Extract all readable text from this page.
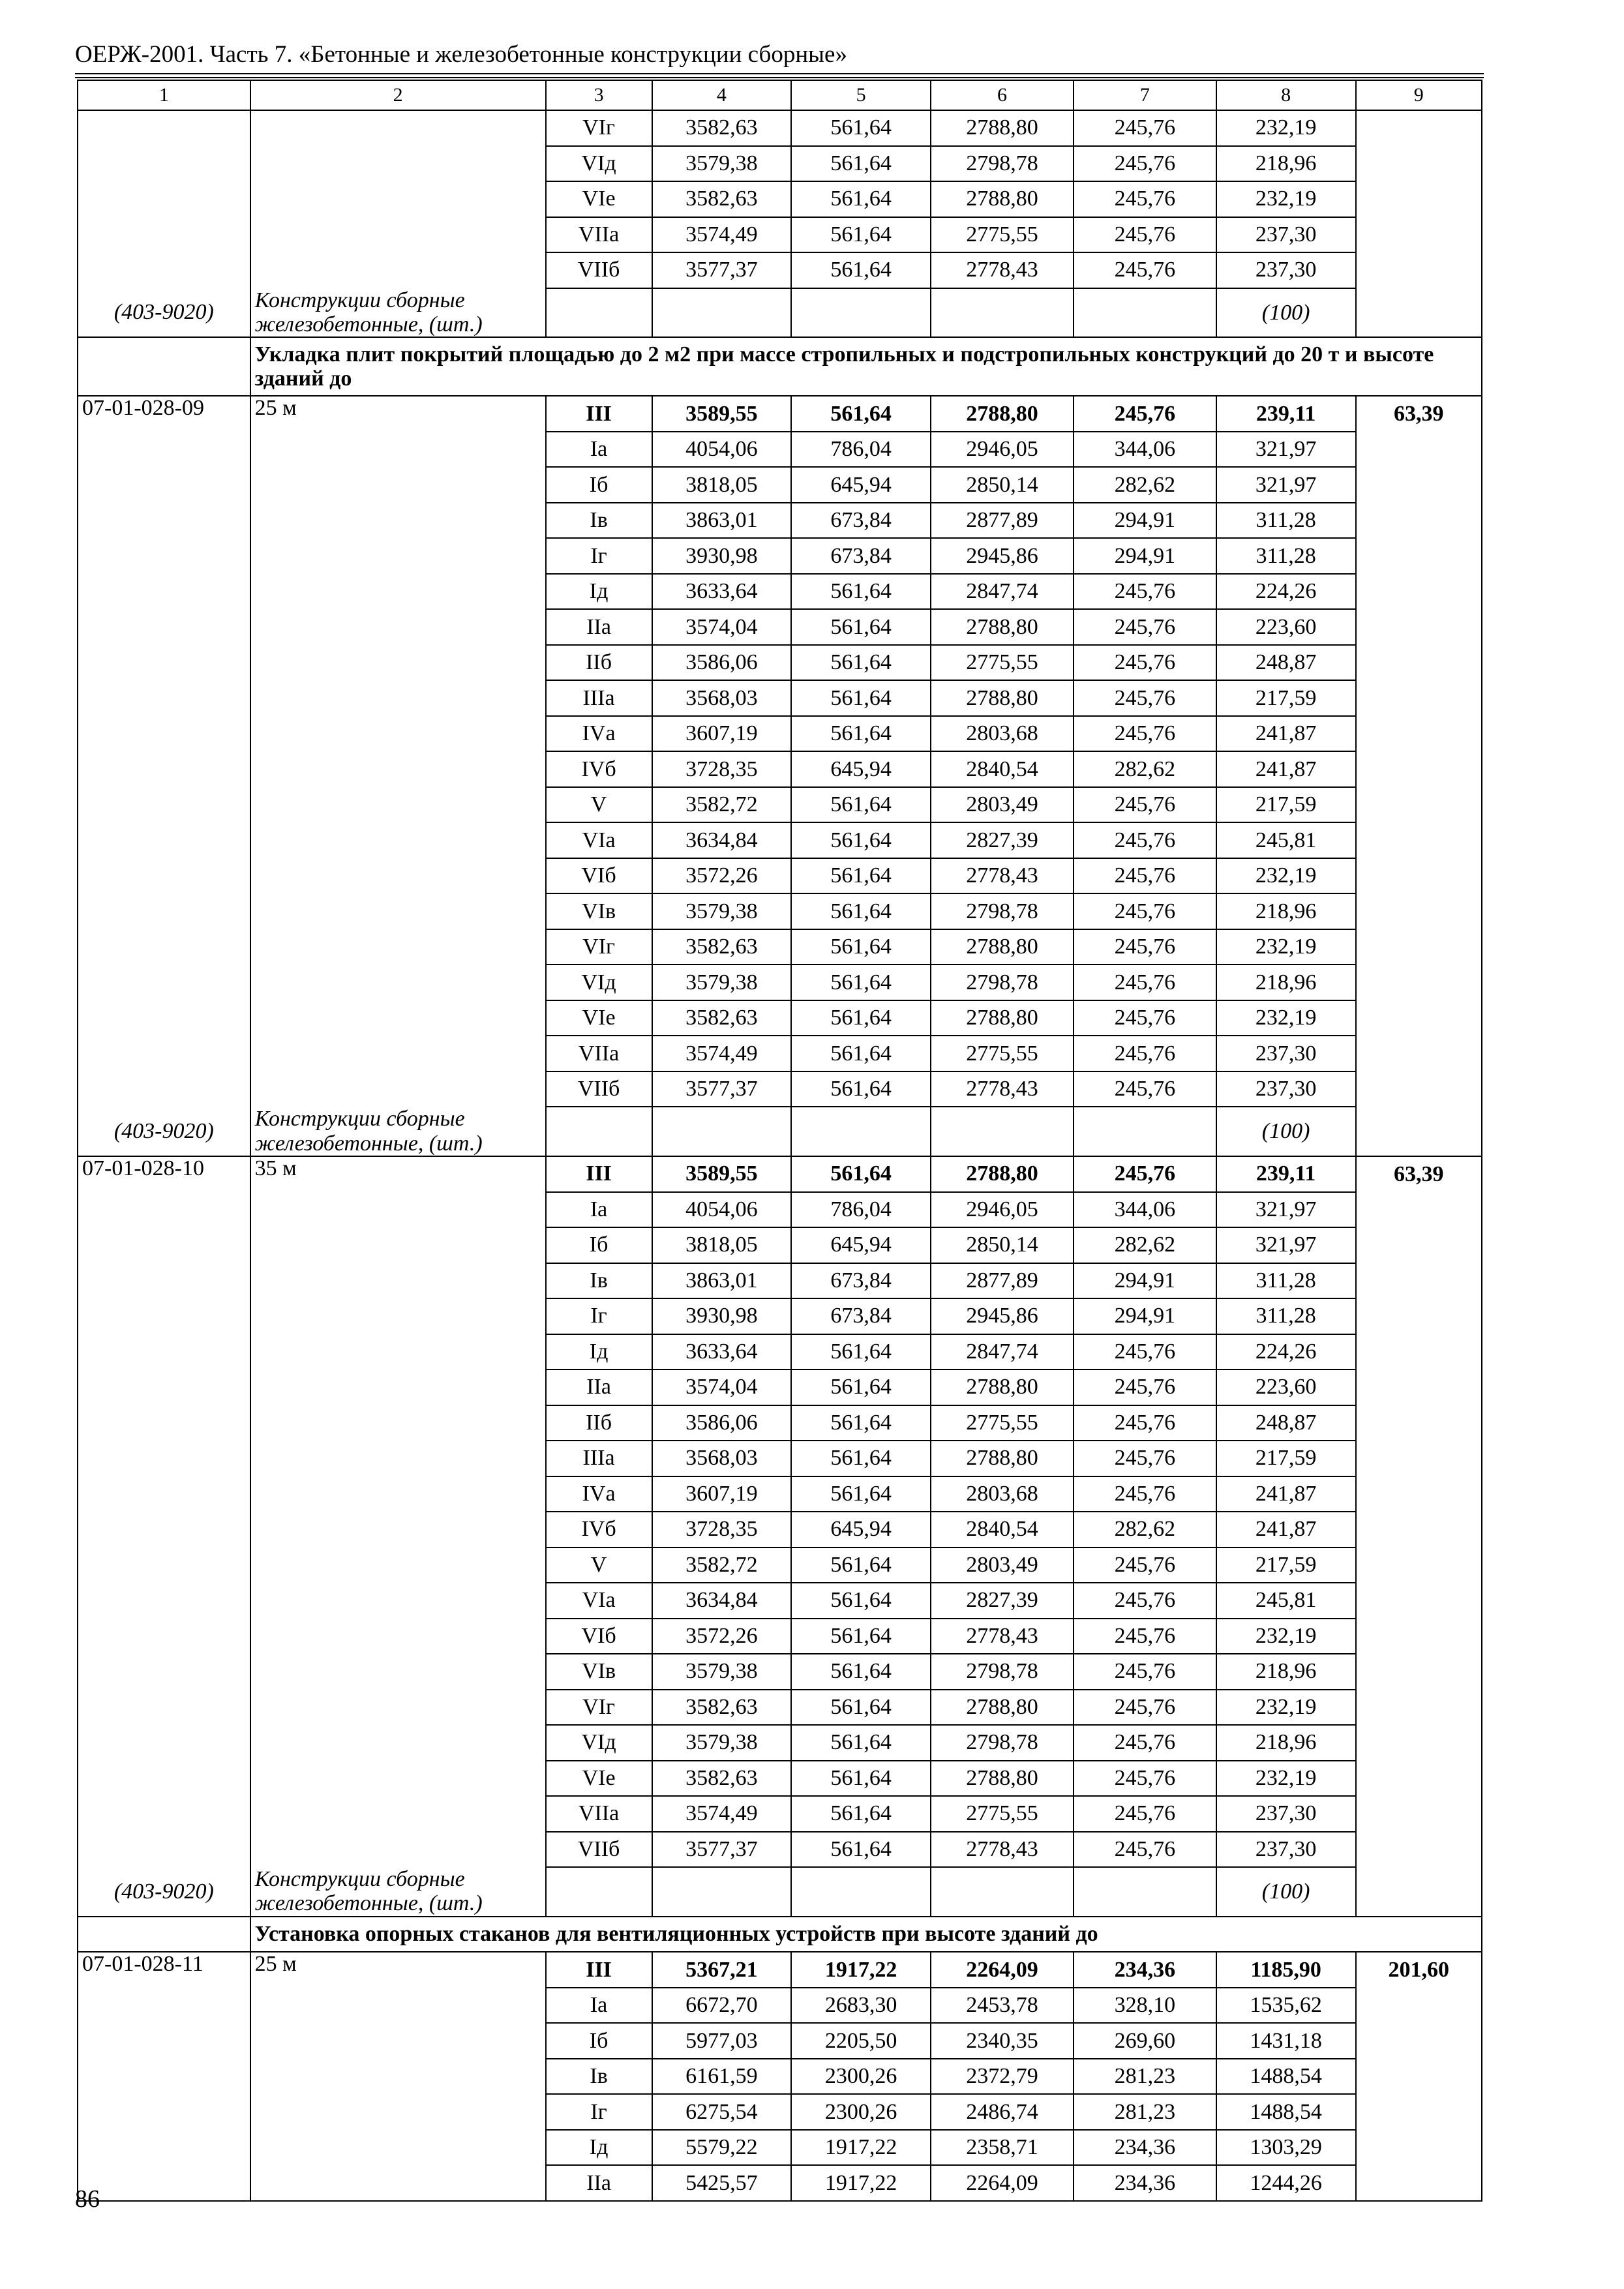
ОЕРЖ-2001. Часть 7. «Бетонные и железобетонные конструкции сборные»
1	2	3	4	5	6	7	8	9
		VIг	3582,63	561,64	2788,80	245,76	232,19	
		VIд	3579,38	561,64	2798,78	245,76	218,96	
		VIе	3582,63	561,64	2788,80	245,76	232,19	
		VIIа	3574,49	561,64	2775,55	245,76	237,30	
		VIIб	3577,37	561,64	2778,43	245,76	237,30	
(403-9020)	Конструкции сборные железобетонные, (шт.)						(100)	
	Укладка плит покрытий площадью до 2 м2 при массе стропильных и подстропильных конструкций до 20 т и высоте зданий до							
07-01-028-09	25 м	III	3589,55	561,64	2788,80	245,76	239,11	63,39
		Iа	4054,06	786,04	2946,05	344,06	321,97	
		Iб	3818,05	645,94	2850,14	282,62	321,97	
		Iв	3863,01	673,84	2877,89	294,91	311,28	
		Iг	3930,98	673,84	2945,86	294,91	311,28	
		Iд	3633,64	561,64	2847,74	245,76	224,26	
		IIа	3574,04	561,64	2788,80	245,76	223,60	
		IIб	3586,06	561,64	2775,55	245,76	248,87	
		IIIа	3568,03	561,64	2788,80	245,76	217,59	
		IVа	3607,19	561,64	2803,68	245,76	241,87	
		IVб	3728,35	645,94	2840,54	282,62	241,87	
		V	3582,72	561,64	2803,49	245,76	217,59	
		VIа	3634,84	561,64	2827,39	245,76	245,81	
		VIб	3572,26	561,64	2778,43	245,76	232,19	
		VIв	3579,38	561,64	2798,78	245,76	218,96	
		VIг	3582,63	561,64	2788,80	245,76	232,19	
		VIд	3579,38	561,64	2798,78	245,76	218,96	
		VIе	3582,63	561,64	2788,80	245,76	232,19	
		VIIа	3574,49	561,64	2775,55	245,76	237,30	
		VIIб	3577,37	561,64	2778,43	245,76	237,30	
(403-9020)	Конструкции сборные железобетонные, (шт.)						(100)	
07-01-028-10	35 м	III	3589,55	561,64	2788,80	245,76	239,11	63,39
		Iа	4054,06	786,04	2946,05	344,06	321,97	
		Iб	3818,05	645,94	2850,14	282,62	321,97	
		Iв	3863,01	673,84	2877,89	294,91	311,28	
		Iг	3930,98	673,84	2945,86	294,91	311,28	
		Iд	3633,64	561,64	2847,74	245,76	224,26	
		IIа	3574,04	561,64	2788,80	245,76	223,60	
		IIб	3586,06	561,64	2775,55	245,76	248,87	
		IIIа	3568,03	561,64	2788,80	245,76	217,59	
		IVа	3607,19	561,64	2803,68	245,76	241,87	
		IVб	3728,35	645,94	2840,54	282,62	241,87	
		V	3582,72	561,64	2803,49	245,76	217,59	
		VIа	3634,84	561,64	2827,39	245,76	245,81	
		VIб	3572,26	561,64	2778,43	245,76	232,19	
		VIв	3579,38	561,64	2798,78	245,76	218,96	
		VIг	3582,63	561,64	2788,80	245,76	232,19	
		VIд	3579,38	561,64	2798,78	245,76	218,96	
		VIе	3582,63	561,64	2788,80	245,76	232,19	
		VIIа	3574,49	561,64	2775,55	245,76	237,30	
		VIIб	3577,37	561,64	2778,43	245,76	237,30	
(403-9020)	Конструкции сборные железобетонные, (шт.)						(100)	
	Установка опорных стаканов для вентиляционных устройств при высоте зданий до							
07-01-028-11	25 м	III	5367,21	1917,22	2264,09	234,36	1185,90	201,60
		Iа	6672,70	2683,30	2453,78	328,10	1535,62	
		Iб	5977,03	2205,50	2340,35	269,60	1431,18	
		Iв	6161,59	2300,26	2372,79	281,23	1488,54	
		Iг	6275,54	2300,26	2486,74	281,23	1488,54	
		Iд	5579,22	1917,22	2358,71	234,36	1303,29	
		IIа	5425,57	1917,22	2264,09	234,36	1244,26	
86
